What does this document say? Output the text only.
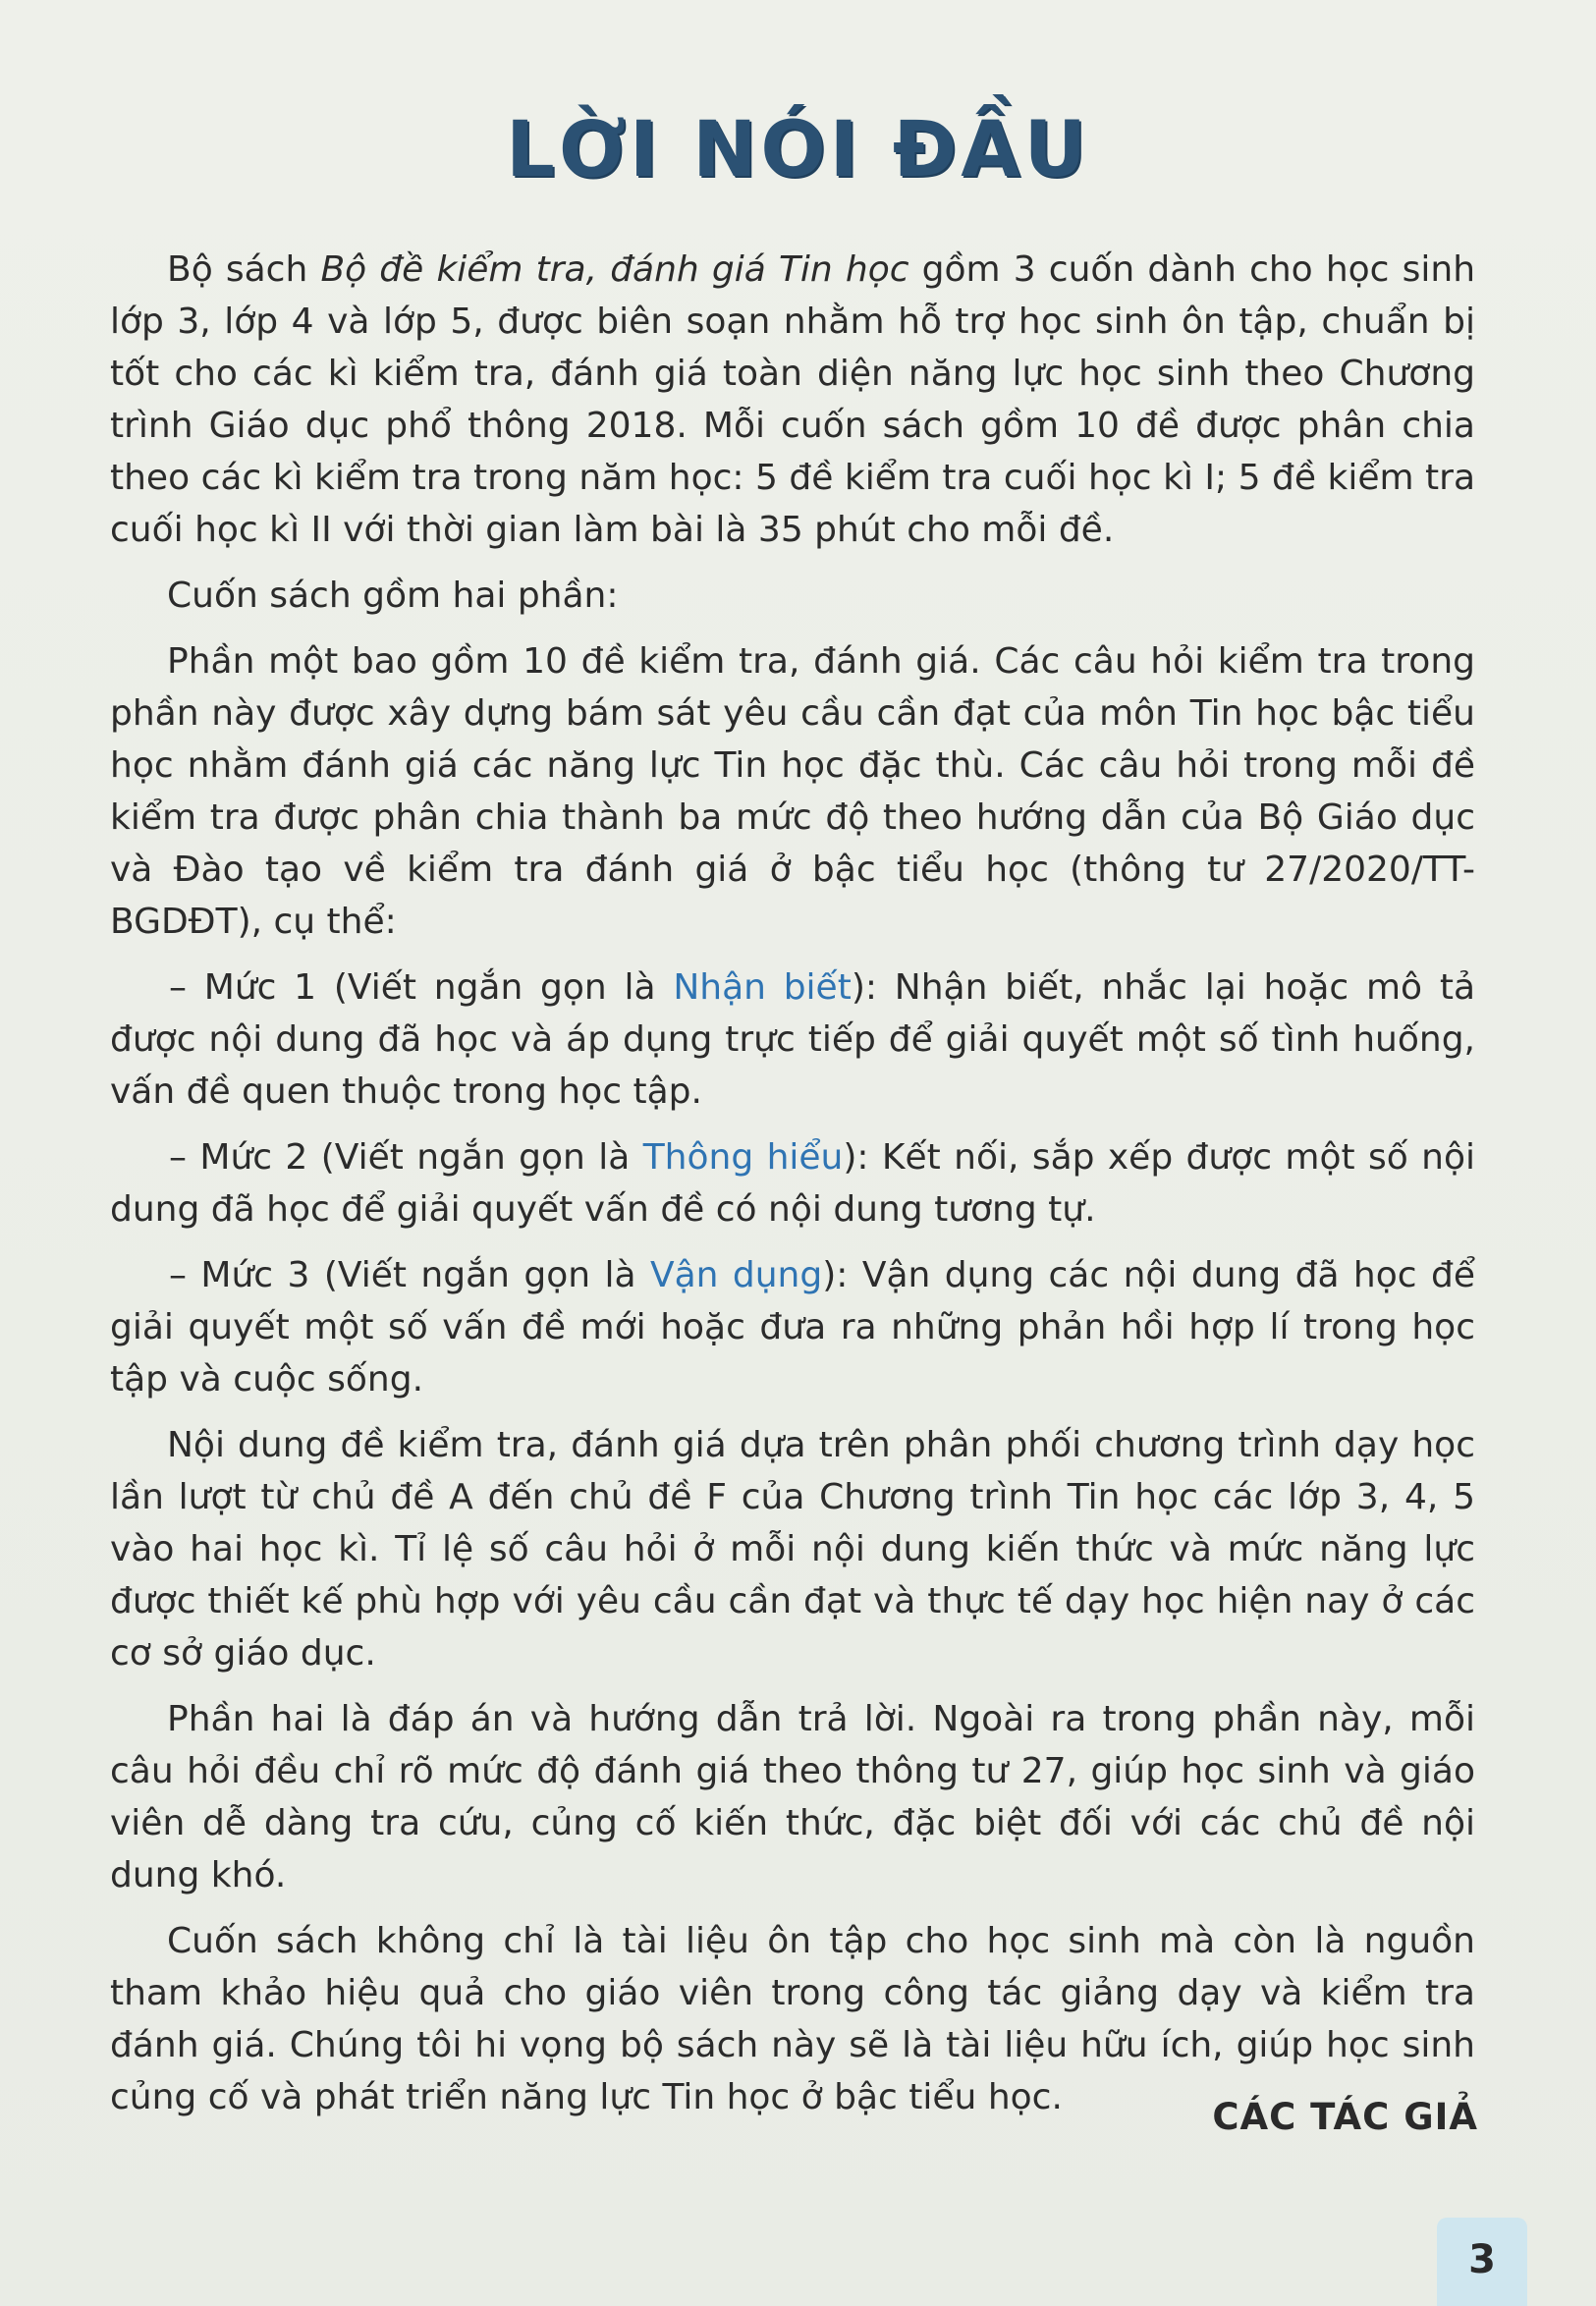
LỜI NÓI ĐẦU

Bộ sách Bộ đề kiểm tra, đánh giá Tin học gồm 3 cuốn dành cho học sinh lớp 3, lớp 4 và lớp 5, được biên soạn nhằm hỗ trợ học sinh ôn tập, chuẩn bị tốt cho các kì kiểm tra, đánh giá toàn diện năng lực học sinh theo Chương trình Giáo dục phổ thông 2018. Mỗi cuốn sách gồm 10 đề được phân chia theo các kì kiểm tra trong năm học: 5 đề kiểm tra cuối học kì I; 5 đề kiểm tra cuối học kì II với thời gian làm bài là 35 phút cho mỗi đề.

Cuốn sách gồm hai phần:

Phần một bao gồm 10 đề kiểm tra, đánh giá. Các câu hỏi kiểm tra trong phần này được xây dựng bám sát yêu cầu cần đạt của môn Tin học bậc tiểu học nhằm đánh giá các năng lực Tin học đặc thù. Các câu hỏi trong mỗi đề kiểm tra được phân chia thành ba mức độ theo hướng dẫn của Bộ Giáo dục và Đào tạo về kiểm tra đánh giá ở bậc tiểu học (thông tư 27/2020/TT-BGDĐT), cụ thể:

– Mức 1 (Viết ngắn gọn là Nhận biết): Nhận biết, nhắc lại hoặc mô tả được nội dung đã học và áp dụng trực tiếp để giải quyết một số tình huống, vấn đề quen thuộc trong học tập.

– Mức 2 (Viết ngắn gọn là Thông hiểu): Kết nối, sắp xếp được một số nội dung đã học để giải quyết vấn đề có nội dung tương tự.

– Mức 3 (Viết ngắn gọn là Vận dụng): Vận dụng các nội dung đã học để giải quyết một số vấn đề mới hoặc đưa ra những phản hồi hợp lí trong học tập và cuộc sống.

Nội dung đề kiểm tra, đánh giá dựa trên phân phối chương trình dạy học lần lượt từ chủ đề A đến chủ đề F của Chương trình Tin học các lớp 3, 4, 5 vào hai học kì. Tỉ lệ số câu hỏi ở mỗi nội dung kiến thức và mức năng lực được thiết kế phù hợp với yêu cầu cần đạt và thực tế dạy học hiện nay ở các cơ sở giáo dục.

Phần hai là đáp án và hướng dẫn trả lời. Ngoài ra trong phần này, mỗi câu hỏi đều chỉ rõ mức độ đánh giá theo thông tư 27, giúp học sinh và giáo viên dễ dàng tra cứu, củng cố kiến thức, đặc biệt đối với các chủ đề nội dung khó.

Cuốn sách không chỉ là tài liệu ôn tập cho học sinh mà còn là nguồn tham khảo hiệu quả cho giáo viên trong công tác giảng dạy và kiểm tra đánh giá. Chúng tôi hi vọng bộ sách này sẽ là tài liệu hữu ích, giúp học sinh củng cố và phát triển năng lực Tin học ở bậc tiểu học.	CÁC TÁC GIẢ
3
